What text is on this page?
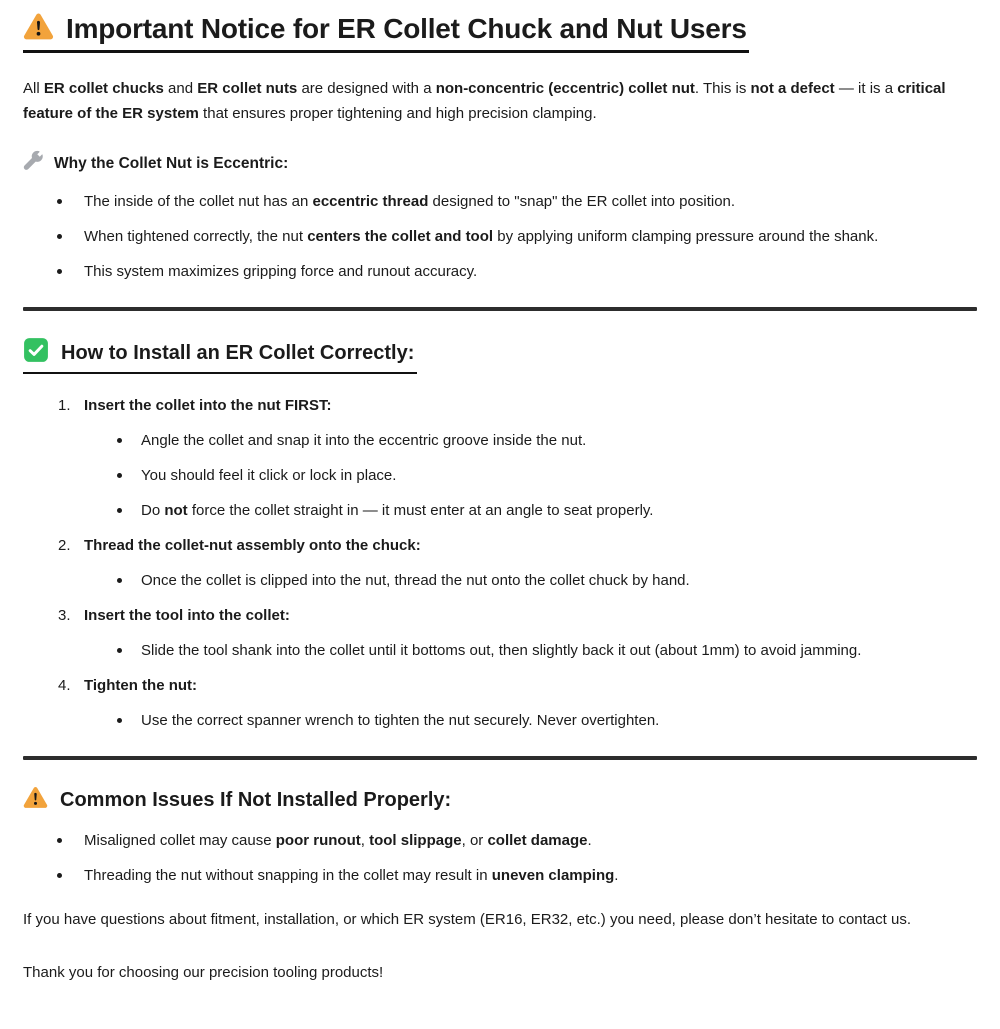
Important Notice for ER Collet Chuck and Nut Users

All ER collet chucks and ER collet nuts are designed with a non-concentric (eccentric) collet nut. This is not a defect — it is a critical feature of the ER system that ensures proper tightening and high precision clamping.

Why the Collet Nut is Eccentric:
The inside of the collet nut has an eccentric thread designed to "snap" the ER collet into position.
When tightened correctly, the nut centers the collet and tool by applying uniform clamping pressure around the shank.
This system maximizes gripping force and runout accuracy.
How to Install an ER Collet Correctly:
1. Insert the collet into the nut FIRST:
Angle the collet and snap it into the eccentric groove inside the nut.
You should feel it click or lock in place.
Do not force the collet straight in — it must enter at an angle to seat properly.
2. Thread the collet-nut assembly onto the chuck:
Once the collet is clipped into the nut, thread the nut onto the collet chuck by hand.
3. Insert the tool into the collet:
Slide the tool shank into the collet until it bottoms out, then slightly back it out (about 1mm) to avoid jamming.
4. Tighten the nut:
Use the correct spanner wrench to tighten the nut securely. Never overtighten.
Common Issues If Not Installed Properly:
Misaligned collet may cause poor runout, tool slippage, or collet damage.
Threading the nut without snapping in the collet may result in uneven clamping.

If you have questions about fitment, installation, or which ER system (ER16, ER32, etc.) you need, please don’t hesitate to contact us.

Thank you for choosing our precision tooling products!
